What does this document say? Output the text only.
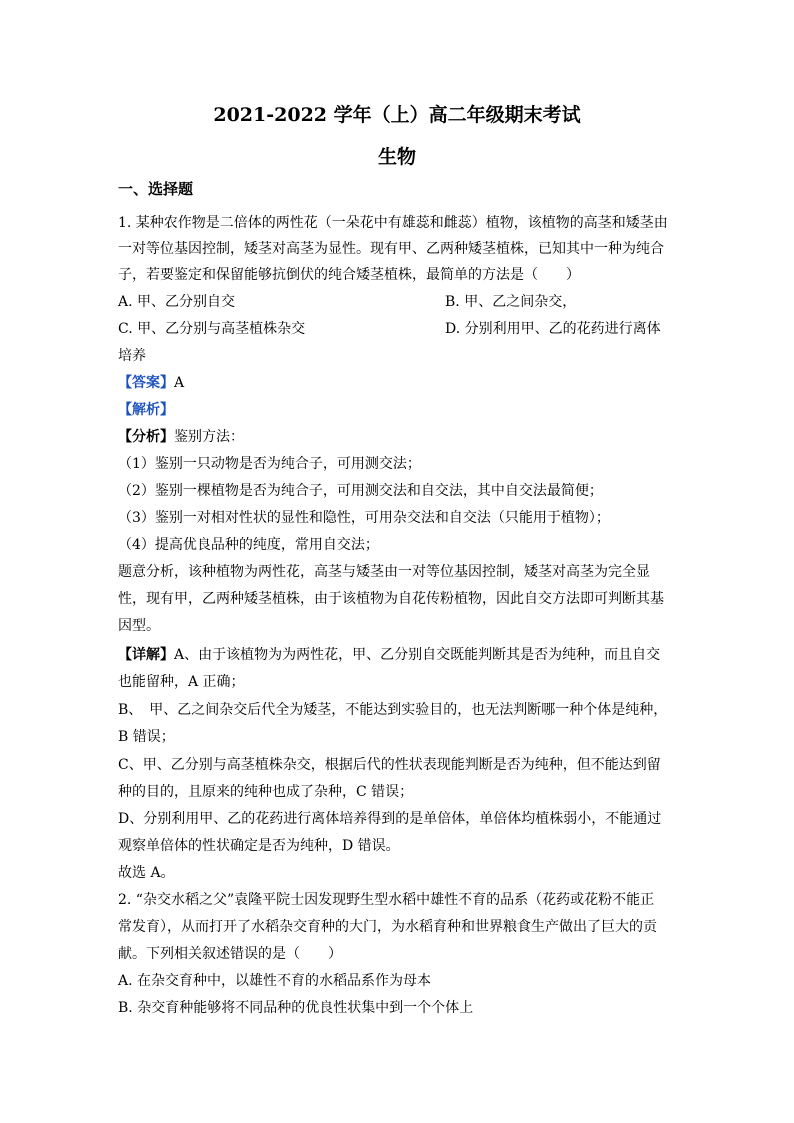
2021-2022 学年（上）高二年级期末考试
生物
一、选择题
1. 某种农作物是二倍体的两性花（一朵花中有雄蕊和雌蕊）植物，该植物的高茎和矮茎由
一对等位基因控制，矮茎对高茎为显性。现有甲、乙两种矮茎植株，已知其中一种为纯合
子，若要鉴定和保留能够抗倒伏的纯合矮茎植株，最简单的方法是（　　）
A. 甲、乙分别自交	B. 甲、乙之间杂交，
C. 甲、乙分别与高茎植株杂交	D. 分别利用甲、乙的花药进行离体
培养
【答案】A
【解析】
【分析】鉴别方法：
（1）鉴别一只动物是否为纯合子，可用测交法；
（2）鉴别一棵植物是否为纯合子，可用测交法和自交法，其中自交法最简便；
（3）鉴别一对相对性状的显性和隐性，可用杂交法和自交法（只能用于植物）；
（4）提高优良品种的纯度，常用自交法；
题意分析，该种植物为两性花，高茎与矮茎由一对等位基因控制，矮茎对高茎为完全显
性，现有甲，乙两种矮茎植株，由于该植物为自花传粉植物，因此自交方法即可判断其基
因型。
【详解】A、由于该植物为为两性花，甲、乙分别自交既能判断其是否为纯种，而且自交
也能留种，A 正确；
B、　甲、乙之间杂交后代全为矮茎，不能达到实验目的，也无法判断哪一种个体是纯种，
B 错误；
C、甲、乙分别与高茎植株杂交，根据后代的性状表现能判断是否为纯种，但不能达到留
种的目的，且原来的纯种也成了杂种，C 错误；
D、分别利用甲、乙的花药进行离体培养得到的是单倍体，单倍体均植株弱小，不能通过
观察单倍体的性状确定是否为纯种，D 错误。
故选 A。
2. “杂交水稻之父”袁隆平院士因发现野生型水稻中雄性不育的品系（花药或花粉不能正
常发育），从而打开了水稻杂交育种的大门，为水稻育种和世界粮食生产做出了巨大的贡
献。下列相关叙述错误的是（　　）
A. 在杂交育种中，以雄性不育的水稻品系作为母本
B. 杂交育种能够将不同品种的优良性状集中到一个个体上
